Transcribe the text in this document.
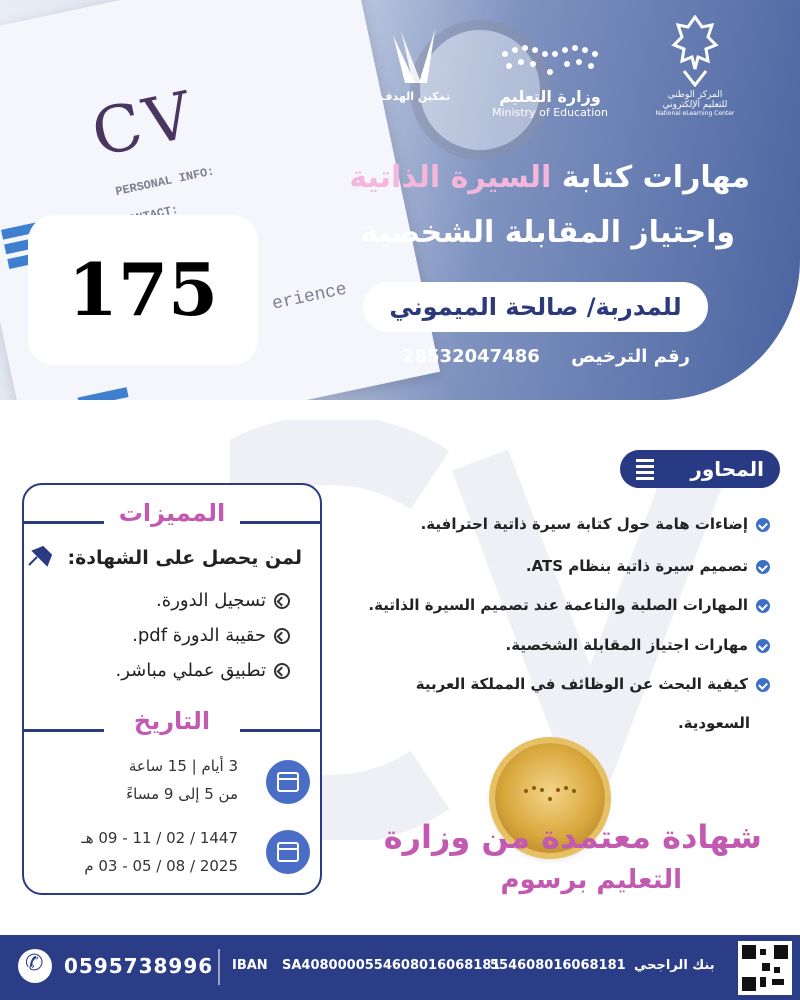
CV
PERSONAL INFO:
erience
تمكين الهدف	وزارة التعليم
Ministry of Education
المركز الوطني
للتعليم الإلكتروني
National eLearning Center
مهارات كتابة السيرة الذاتية
واجتياز المقابلة الشخصية
للمدربة/ صالحة الميموني
رقم الترخيص     28532047486
175
المحاور
إضاءات هامة حول كتابة سيرة ذاتية احترافية.
تصميم سيرة ذاتية بنظام ATS.
المهارات الصلبة والناعمة عند تصميم السيرة الذاتية.
مهارات اجتياز المقابلة الشخصية.
كيفية البحث عن الوظائف في المملكة العربية
السعودية.
المميزات
لمن يحصل على الشهادة:
تسجيل الدورة.
حقيبة الدورة pdf.
تطبيق عملي مباشر.
التاريخ
3 أيام | 15 ساعة
من 5 إلى 9 مساءً
1447 / 02 / 11 - 09 هـ
2025 / 08 / 05 - 03 م
شهادة معتمدة من وزارة
التعليم برسوم
✆
0595738996 IBAN SA4080000554608016068181
554608016068181 بنك الراجحي
